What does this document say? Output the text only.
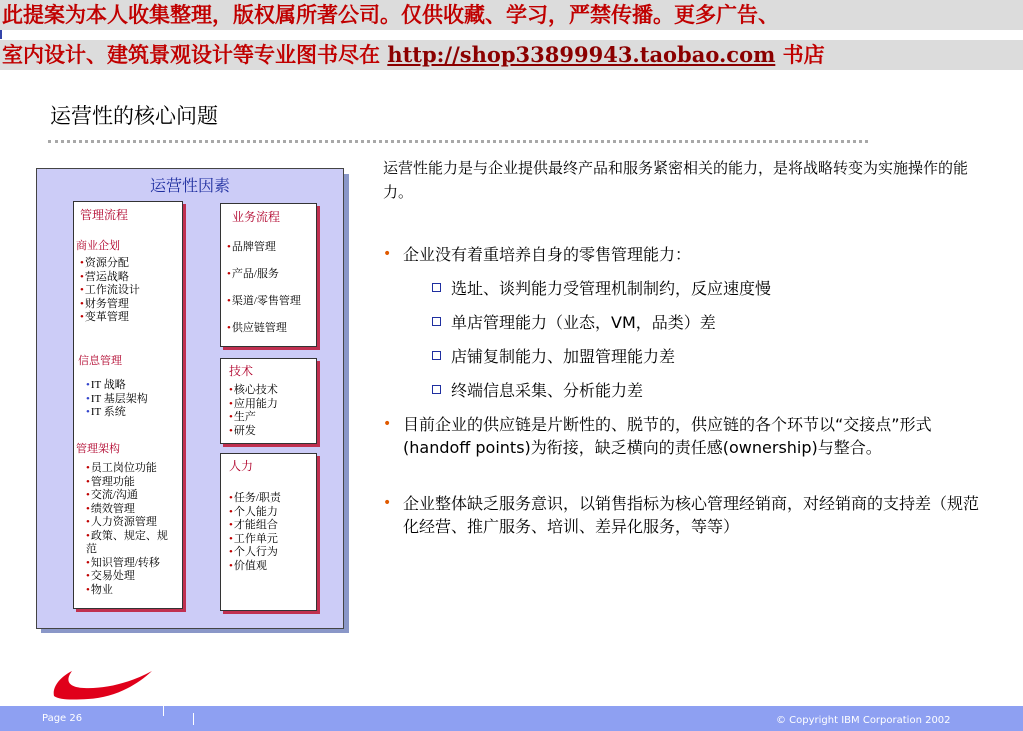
此提案为本人收集整理，版权属所著公司。仅供收藏、学习，严禁传播。更多广告、
室内设计、建筑景观设计等专业图书尽在 http://shop33899943.taobao.com 书店
运营性的核心问题
运营性因素
管理流程
商业企划
• 资源分配
• 营运战略
• 工作流设计
• 财务管理
• 变革管理
信息管理
• IT 战略
• IT 基层架构
• IT 系统
管理架构
• 员工岗位功能
• 管理功能
• 交流/沟通
• 绩效管理
• 人力资源管理
• 政策、规定、规范
• 知识管理/转移
• 交易处理
• 物业
业务流程
• 品牌管理
• 产品/服务
• 渠道/零售管理
• 供应链管理
技术
• 核心技术
• 应用能力
• 生产
• 研发
人力
• 任务/职责
• 个人能力
• 才能组合
• 工作单元
• 个人行为
• 价值观
运营性能力是与企业提供最终产品和服务紧密相关的能力，是将战略转变为实施操作的能力。
• 企业没有着重培养自身的零售管理能力：
选址、谈判能力受管理机制制约，反应速度慢
单店管理能力（业态，VM，品类）差
店铺复制能力、加盟管理能力差
终端信息采集、分析能力差
• 目前企业的供应链是片断性的、脱节的，供应链的各个环节以“交接点”形式(handoff points)为衔接，缺乏横向的责任感(ownership)与整合。
• 企业整体缺乏服务意识，以销售指标为核心管理经销商，对经销商的支持差（规范化经营、推广服务、培训、差异化服务，等等）
Page 26	© Copyright IBM Corporation 2002
